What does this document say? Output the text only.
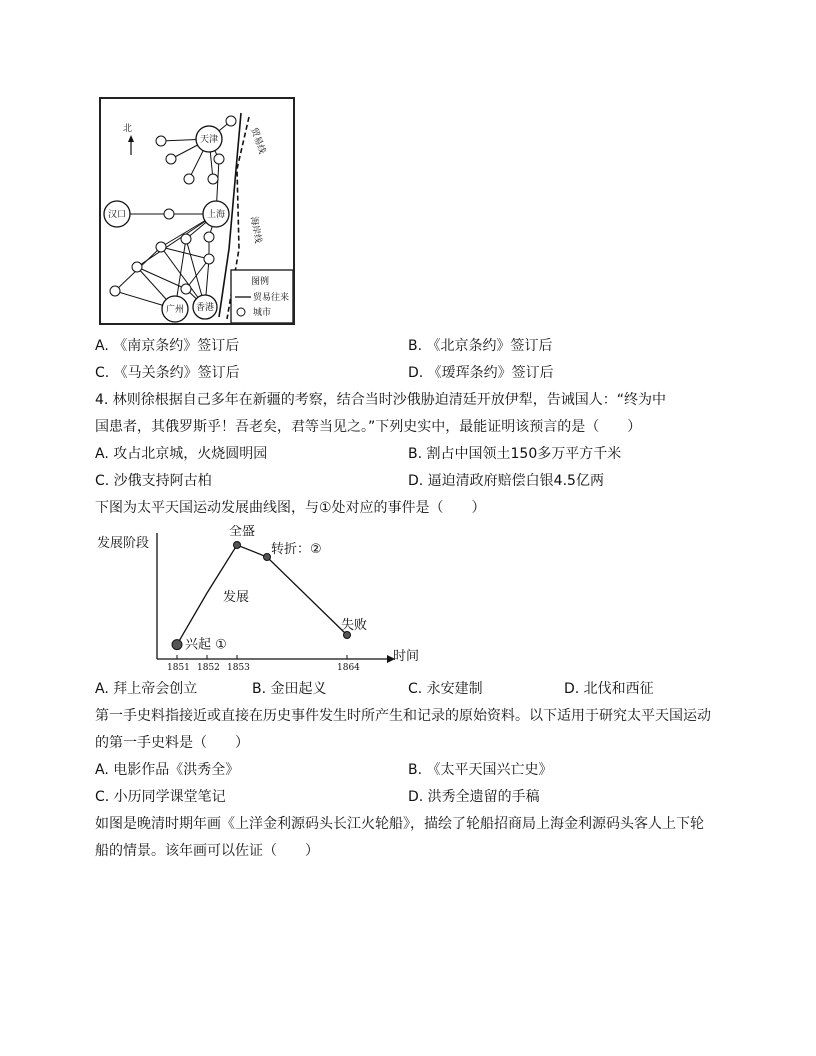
北	贸易线
海岸线
天津
汉口	上海
广州 香港
图例
贸易往来
城市
A. 《南京条约》签订后	B. 《北京条约》签订后
C. 《马关条约》签订后	D. 《瑷珲条约》签订后
4. 林则徐根据自己多年在新疆的考察，结合当时沙俄胁迫清廷开放伊犁，告诫国人：“终为中
国患者，其俄罗斯乎！吾老矣，君等当见之。”下列史实中，最能证明该预言的是（　　）
A. 攻占北京城，火烧圆明园	B. 割占中国领土150多万平方千米
C. 沙俄支持阿古柏	D. 逼迫清政府赔偿白银4.5亿两
下图为太平天国运动发展曲线图，与①处对应的事件是（　　）
发展阶段
时间
1851 1852 1853	1864
兴起 ①
发展
全盛
转折：②
失败
A. 拜上帝会创立	B. 金田起义	C. 永安建制	D. 北伐和西征
第一手史料指接近或直接在历史事件发生时所产生和记录的原始资料。以下适用于研究太平天国运动
的第一手史料是（　　）
A. 电影作品《洪秀全》	B. 《太平天国兴亡史》
C. 小历同学课堂笔记	D. 洪秀全遗留的手稿
如图是晚清时期年画《上洋金利源码头长江火轮船》，描绘了轮船招商局上海金利源码头客人上下轮
船的情景。该年画可以佐证（　　）
